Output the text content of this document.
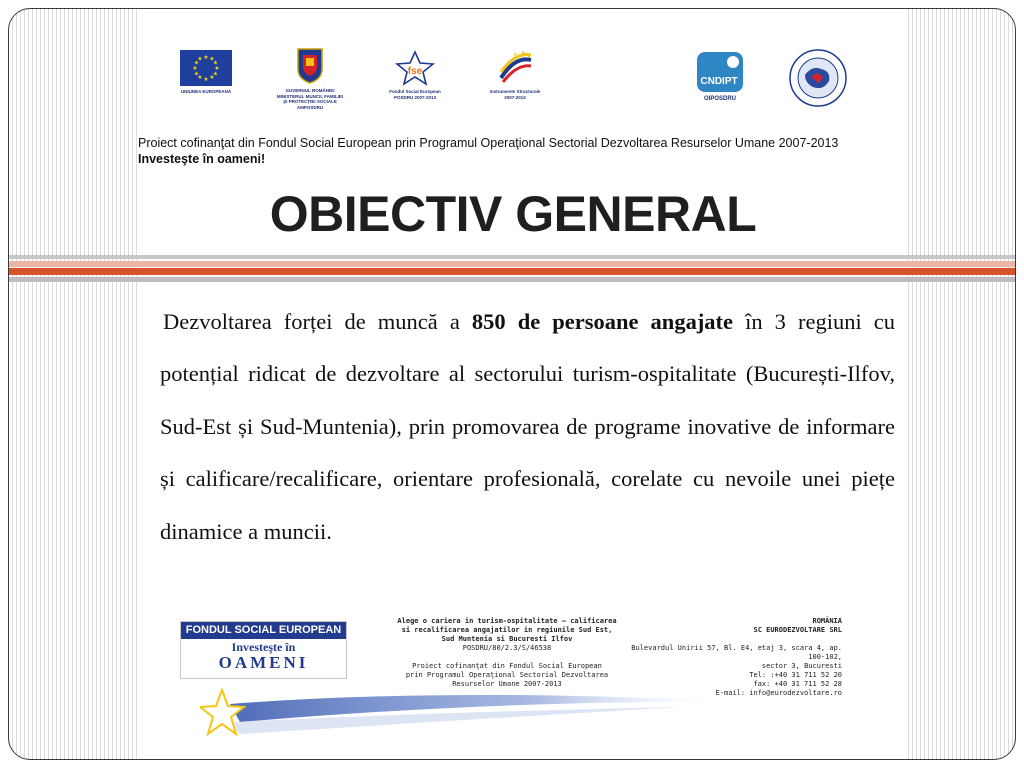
★ ★
★
★
★
★
★
★
★
★
★
★
UNIUNEA EUROPEANĂ	GUVERNUL ROMÂNIEI
MINISTERUL MUNCII, FAMILIEI
ȘI PROTECȚIEI SOCIALE
AMPOSDRU
fse
Fondul Social European
POSDRU 2007-2013
★ ★
★
Instrumente Structurale
2007-2013
CNDIPT
OIPOSDRU
Proiect cofinanţat din Fondul Social European prin Programul Operaţional Sectorial Dezvoltarea Resurselor Umane 2007-2013
Investeşte în oameni!
OBIECTIV GENERAL
Dezvoltarea forței de muncă a 850 de persoane angajate în 3 regiuni cu potențial ridicat de dezvoltare al sectorului turism-ospitalitate (București-Ilfov, Sud-Est și Sud-Muntenia), prin promovarea de programe inovative de informare și calificare/recalificare, orientare profesională, corelate cu nevoile unei piețe dinamice a muncii.
FONDUL SOCIAL EUROPEAN
Investeşte în
OAMENI
Alege o cariera in turism-ospitalitate – calificarea
si recalificarea angajatilor in regiunile Sud Est,
Sud Muntenia si Bucuresti Ilfov
POSDRU/80/2.3/S/46538
Proiect cofinanţat din Fondul Social European
prin Programul Operaţional Sectorial Dezvoltarea
Resurselor Umane 2007-2013
ROMÂNIA
SC EURODEZVOLTARE SRL
Bulevardul Unirii 57, Bl. E4, etaj 3, scara 4, ap. 100-102,
sector 3, Bucuresti
Tel: :+40 31 711 52 20
fax: +40 31 711 52 28
E-mail: info@eurodezvoltare.ro
